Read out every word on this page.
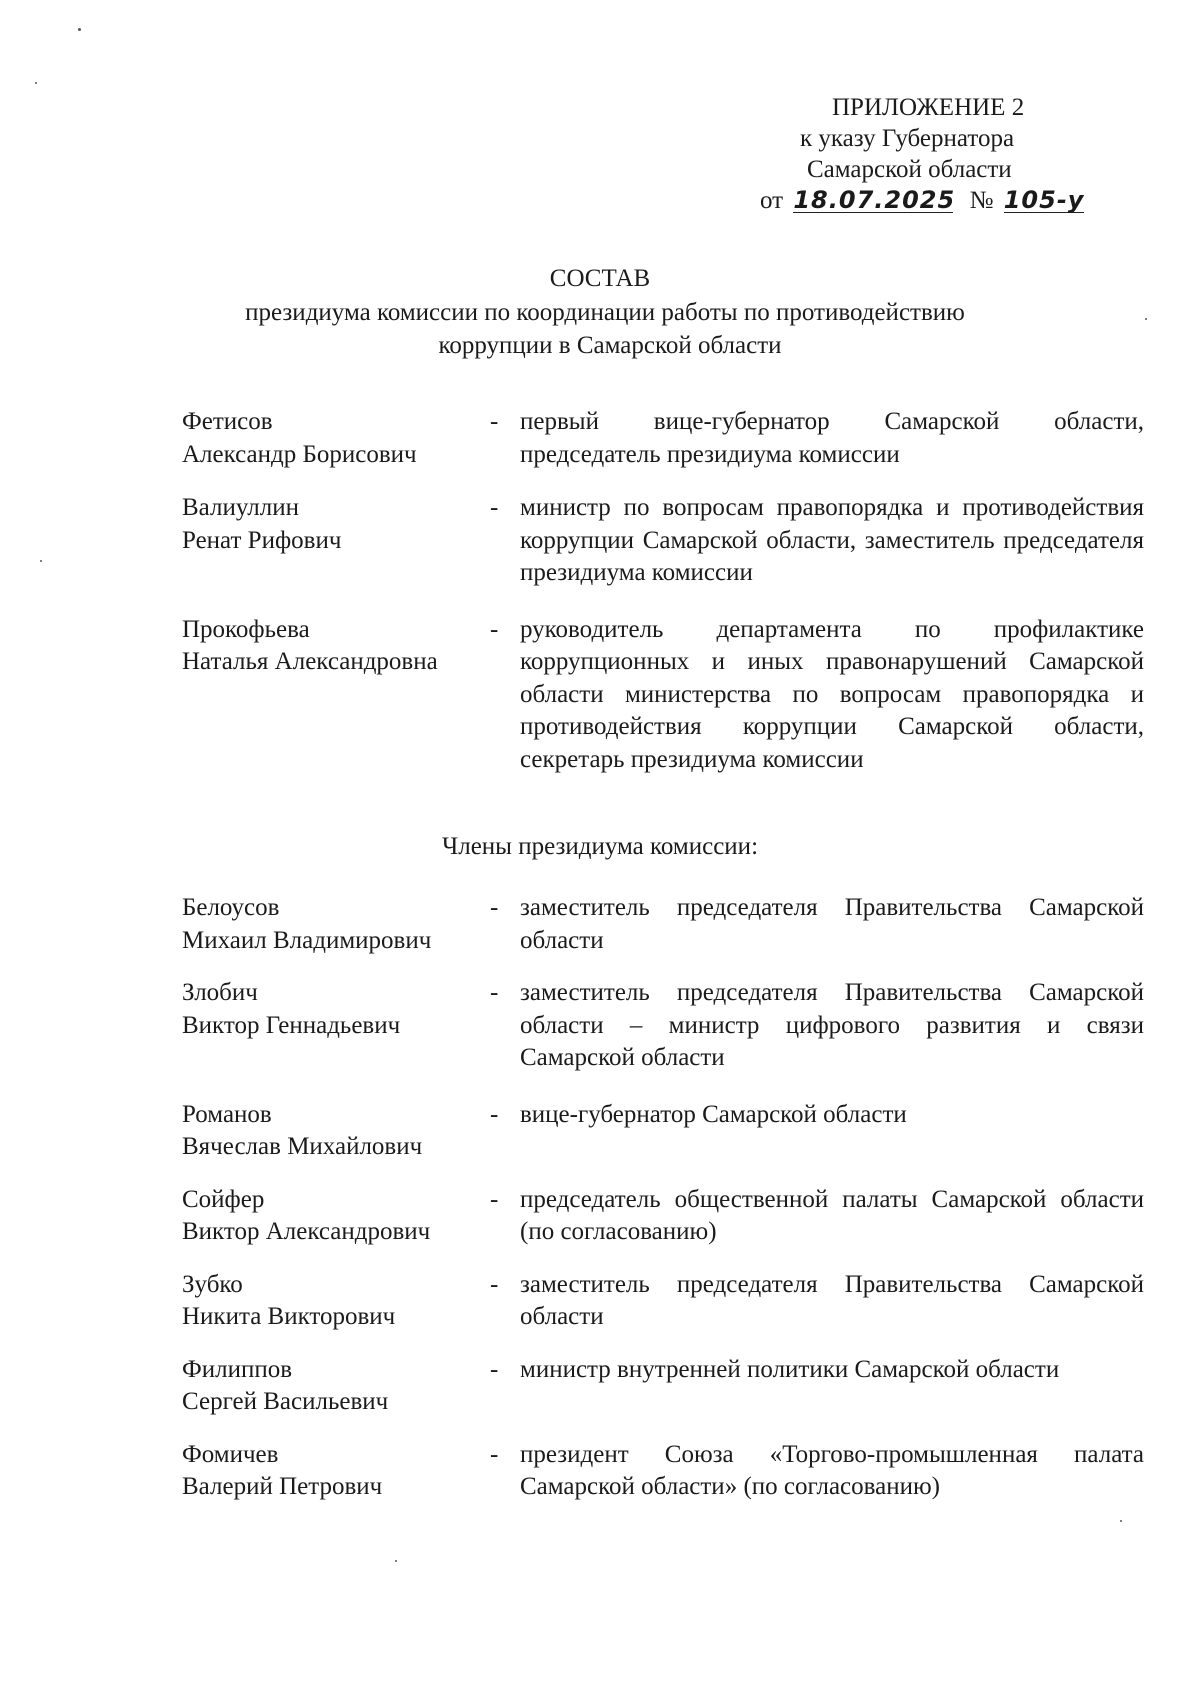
ПРИЛОЖЕНИЕ 2
к указу Губернатора
Самарской области
от 18.07.2025 № 105-у
СОСТАВ
президиума комиссии по координации работы по противодействию
коррупции в Самарской области
Фетисов
Александр Борисович
- первый вице-губернатор Самарской области, председатель президиума комиссии
Валиуллин
Ренат Рифович
- министр по вопросам правопорядка и противодействия коррупции Самарской области, заместитель председателя президиума комиссии
Прокофьева
Наталья Александровна
- руководитель департамента по профилактике коррупционных и иных правонарушений Самарской области министерства по вопросам правопорядка и противодействия коррупции Самарской области, секретарь президиума комиссии
Члены президиума комиссии:
Белоусов
Михаил Владимирович
- заместитель председателя Правительства Самарской области
Злобич
Виктор Геннадьевич
- заместитель председателя Правительства Самарской области – министр цифрового развития и связи Самарской области
Романов
Вячеслав Михайлович
- вице-губернатор Самарской области
Сойфер
Виктор Александрович
- председатель общественной палаты Самарской области (по согласованию)
Зубко
Никита Викторович
- заместитель председателя Правительства Самарской области
Филиппов
Сергей Васильевич
- министр внутренней политики Самарской области
Фомичев
Валерий Петрович
- президент Союза «Торгово-промышленная палата Самарской области» (по согласованию)
